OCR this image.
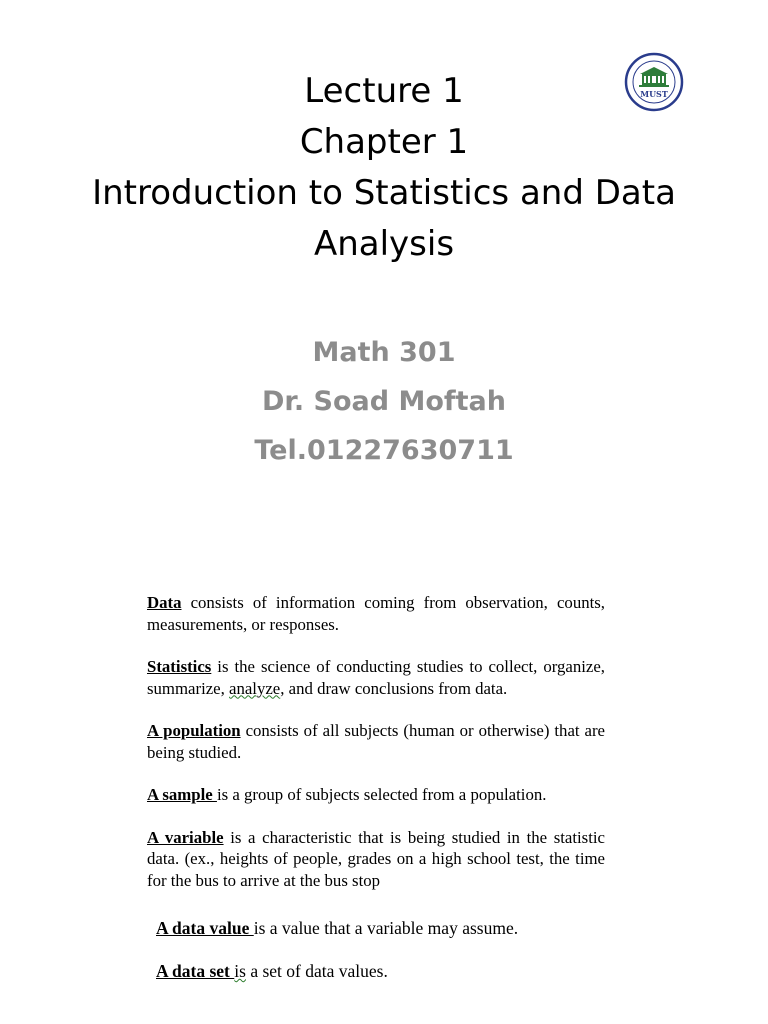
MUST
Lecture 1
Chapter 1
Introduction to Statistics and Data
Analysis
Math 301
Dr. Soad Moftah
Tel.01227630711

Data consists of information coming from observation, counts, measurements, or responses.

Statistics is the science of conducting studies to collect, organize, summarize, analyze, and draw conclusions from data.

A population consists of all subjects (human or otherwise) that are being studied.

A sample is a group of subjects selected from a population.

A variable is a characteristic that is being studied in the statistic data. (ex., heights of people, grades on a high school test, the time for the bus to arrive at the bus stop

A data value is a value that a variable may assume.
A data set is a set of data values.
